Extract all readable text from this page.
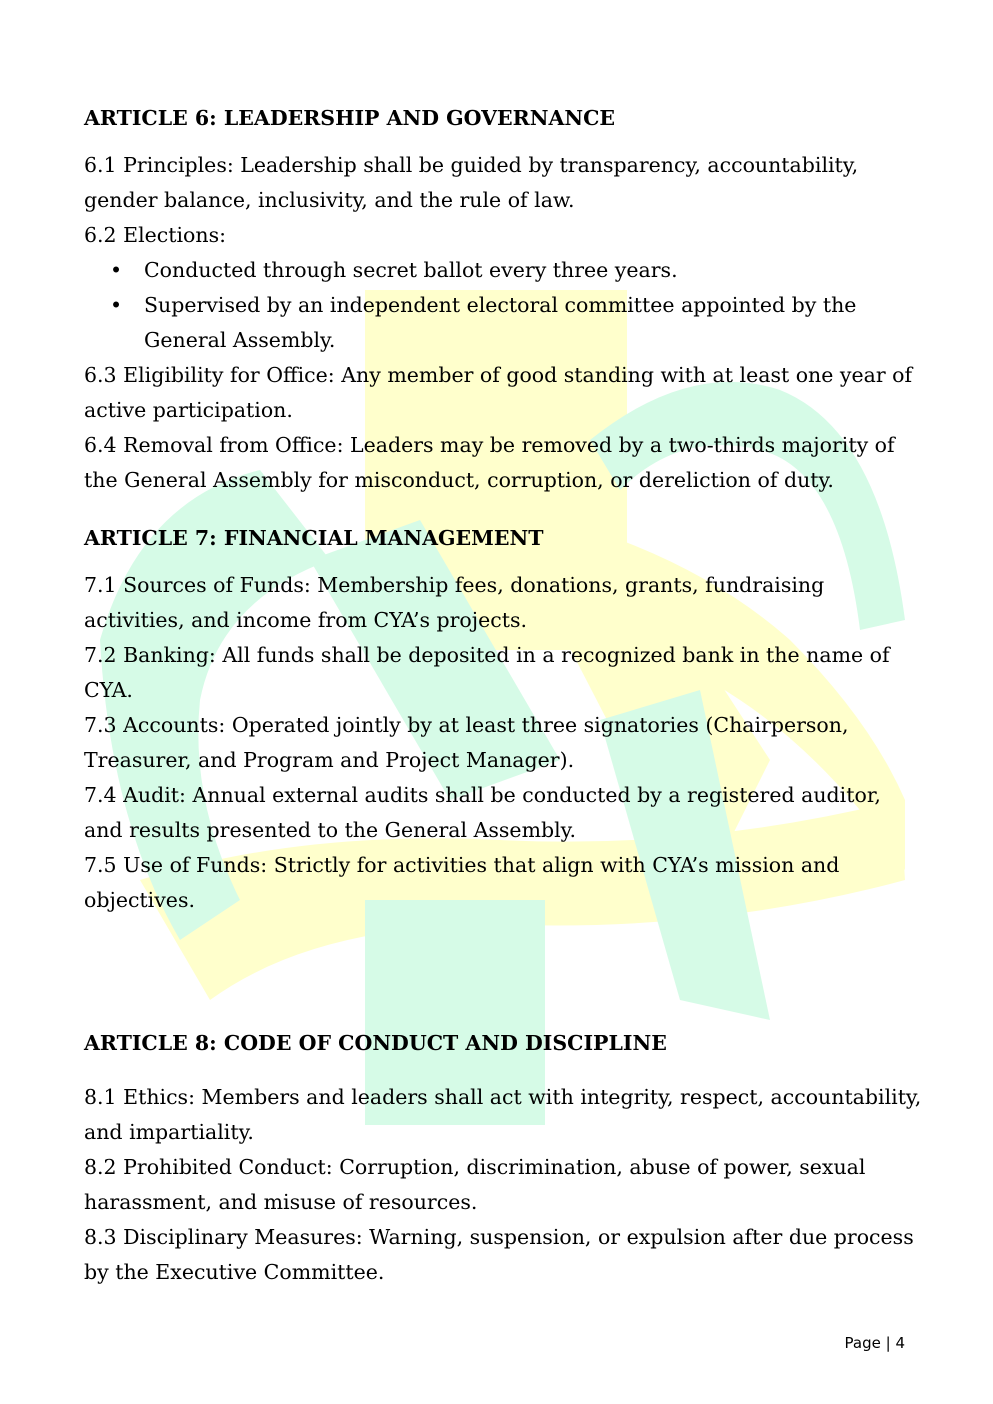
ARTICLE 6: LEADERSHIP AND GOVERNANCE

6.1 Principles: Leadership shall be guided by transparency, accountability, gender balance, inclusivity, and the rule of law.

6.2 Elections:

• Conducted through secret ballot every three years.
• Supervised by an independent electoral committee appointed by the General Assembly.

6.3 Eligibility for Office: Any member of good standing with at least one year of active participation.

6.4 Removal from Office: Leaders may be removed by a two-thirds majority of the General Assembly for misconduct, corruption, or dereliction of duty.

ARTICLE 7: FINANCIAL MANAGEMENT

7.1 Sources of Funds: Membership fees, donations, grants, fundraising activities, and income from CYA’s projects.

7.2 Banking: All funds shall be deposited in a recognized bank in the name of CYA.

7.3 Accounts: Operated jointly by at least three signatories (Chairperson, Treasurer, and Program and Project Manager).

7.4 Audit: Annual external audits shall be conducted by a registered auditor, and results presented to the General Assembly.

7.5 Use of Funds: Strictly for activities that align with CYA’s mission and objectives.

ARTICLE 8: CODE OF CONDUCT AND DISCIPLINE

8.1 Ethics: Members and leaders shall act with integrity, respect, accountability, and impartiality.

8.2 Prohibited Conduct: Corruption, discrimination, abuse of power, sexual harassment, and misuse of resources.

8.3 Disciplinary Measures: Warning, suspension, or expulsion after due process by the Executive Committee.

Page | 4
